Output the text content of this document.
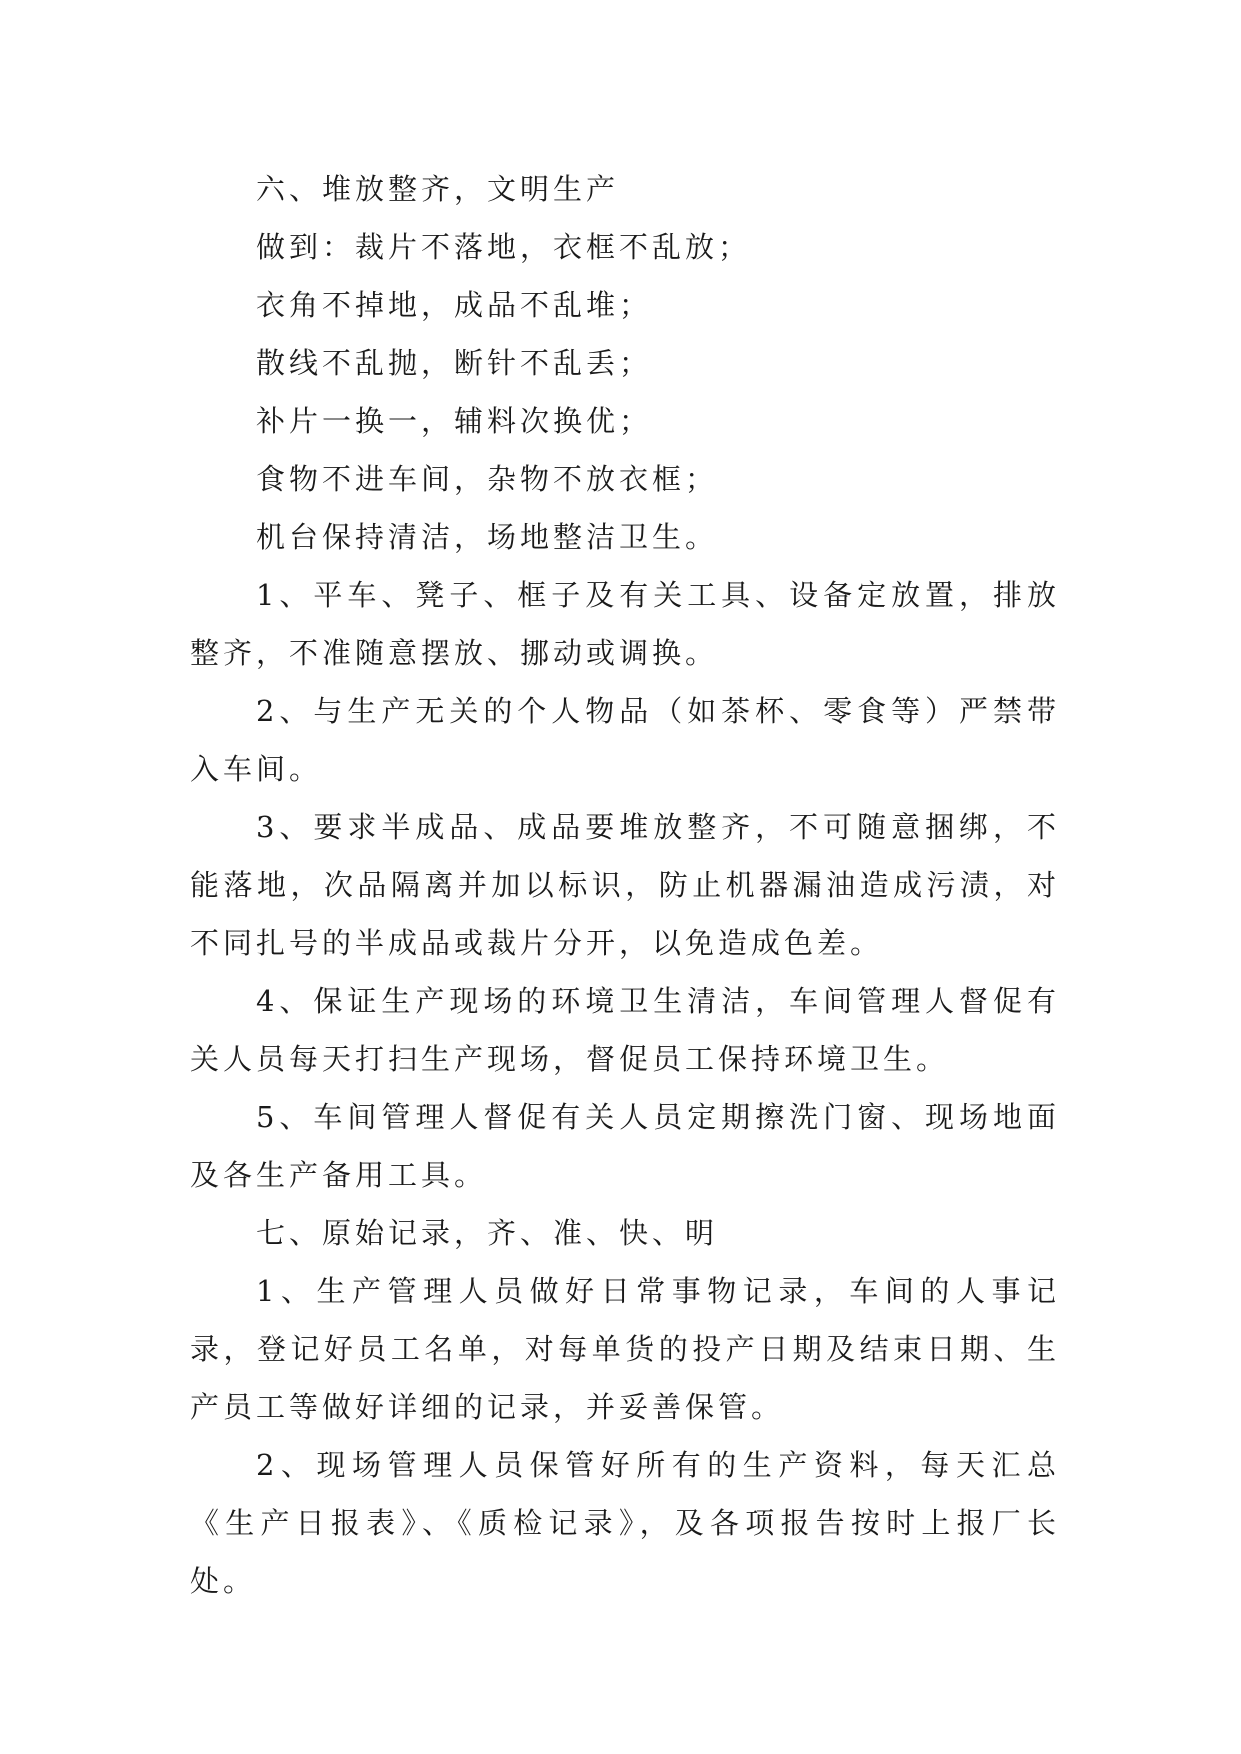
六、堆放整齐，文明生产
做到：裁片不落地，衣框不乱放；
衣角不掉地，成品不乱堆；
散线不乱抛，断针不乱丢；
补片一换一，辅料次换优；
食物不进车间，杂物不放衣框；
机台保持清洁，场地整洁卫生。

1、平车、凳子、框子及有关工具、设备定放置，排放整齐，不准随意摆放、挪动或调换。

2、与生产无关的个人物品（如茶杯、零食等）严禁带入车间。

3、要求半成品、成品要堆放整齐，不可随意捆绑，不能落地，次品隔离并加以标识，防止机器漏油造成污渍，对不同扎号的半成品或裁片分开，以免造成色差。

4、保证生产现场的环境卫生清洁，车间管理人督促有关人员每天打扫生产现场，督促员工保持环境卫生。

5、车间管理人督促有关人员定期擦洗门窗、现场地面及各生产备用工具。

七、原始记录，齐、准、快、明

1、生产管理人员做好日常事物记录，车间的人事记录，登记好员工名单，对每单货的投产日期及结束日期、生产员工等做好详细的记录，并妥善保管。

2、现场管理人员保管好所有的生产资料，每天汇总《生产日报表》、《质检记录》，及各项报告按时上报厂长处。
